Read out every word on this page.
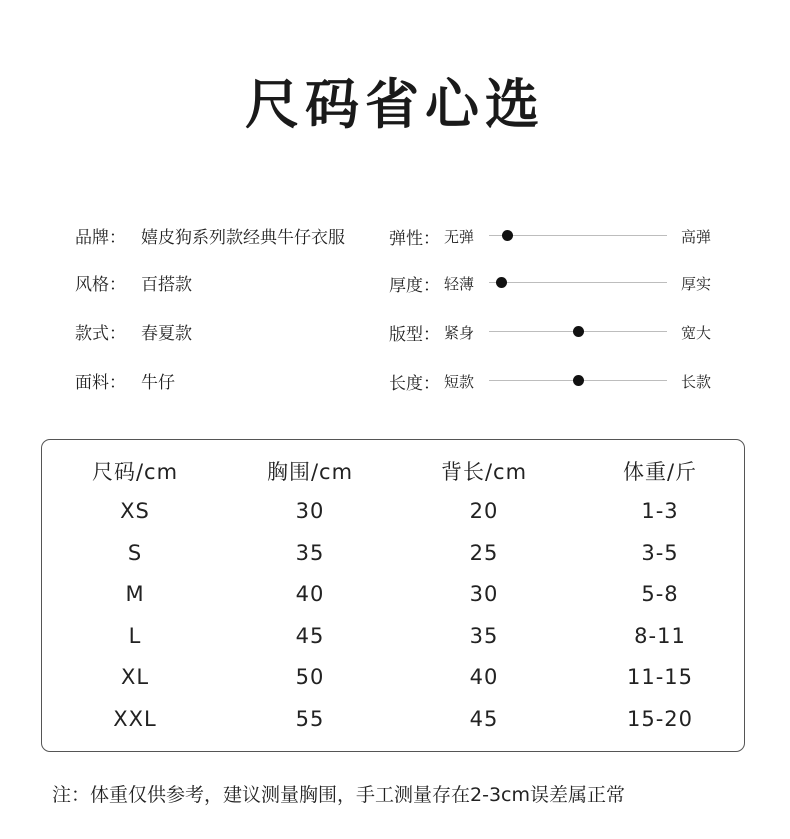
尺码省心选
品牌： 嬉皮狗系列款经典牛仔衣服
风格： 百搭款
款式： 春夏款
面料： 牛仔
弹性： 无弹	高弹
厚度： 轻薄	厚实
版型： 紧身	宽大
长度： 短款	长款
尺码/cm	胸围/cm	背长/cm	体重/斤
XS	30	20	1-3
S	35	25	3-5
M	40	30	5-8
L	45	35	8-11
XL	50	40	11-15
XXL	55	45	15-20
注：体重仅供参考，建议测量胸围，手工测量存在2-3cm误差属正常
